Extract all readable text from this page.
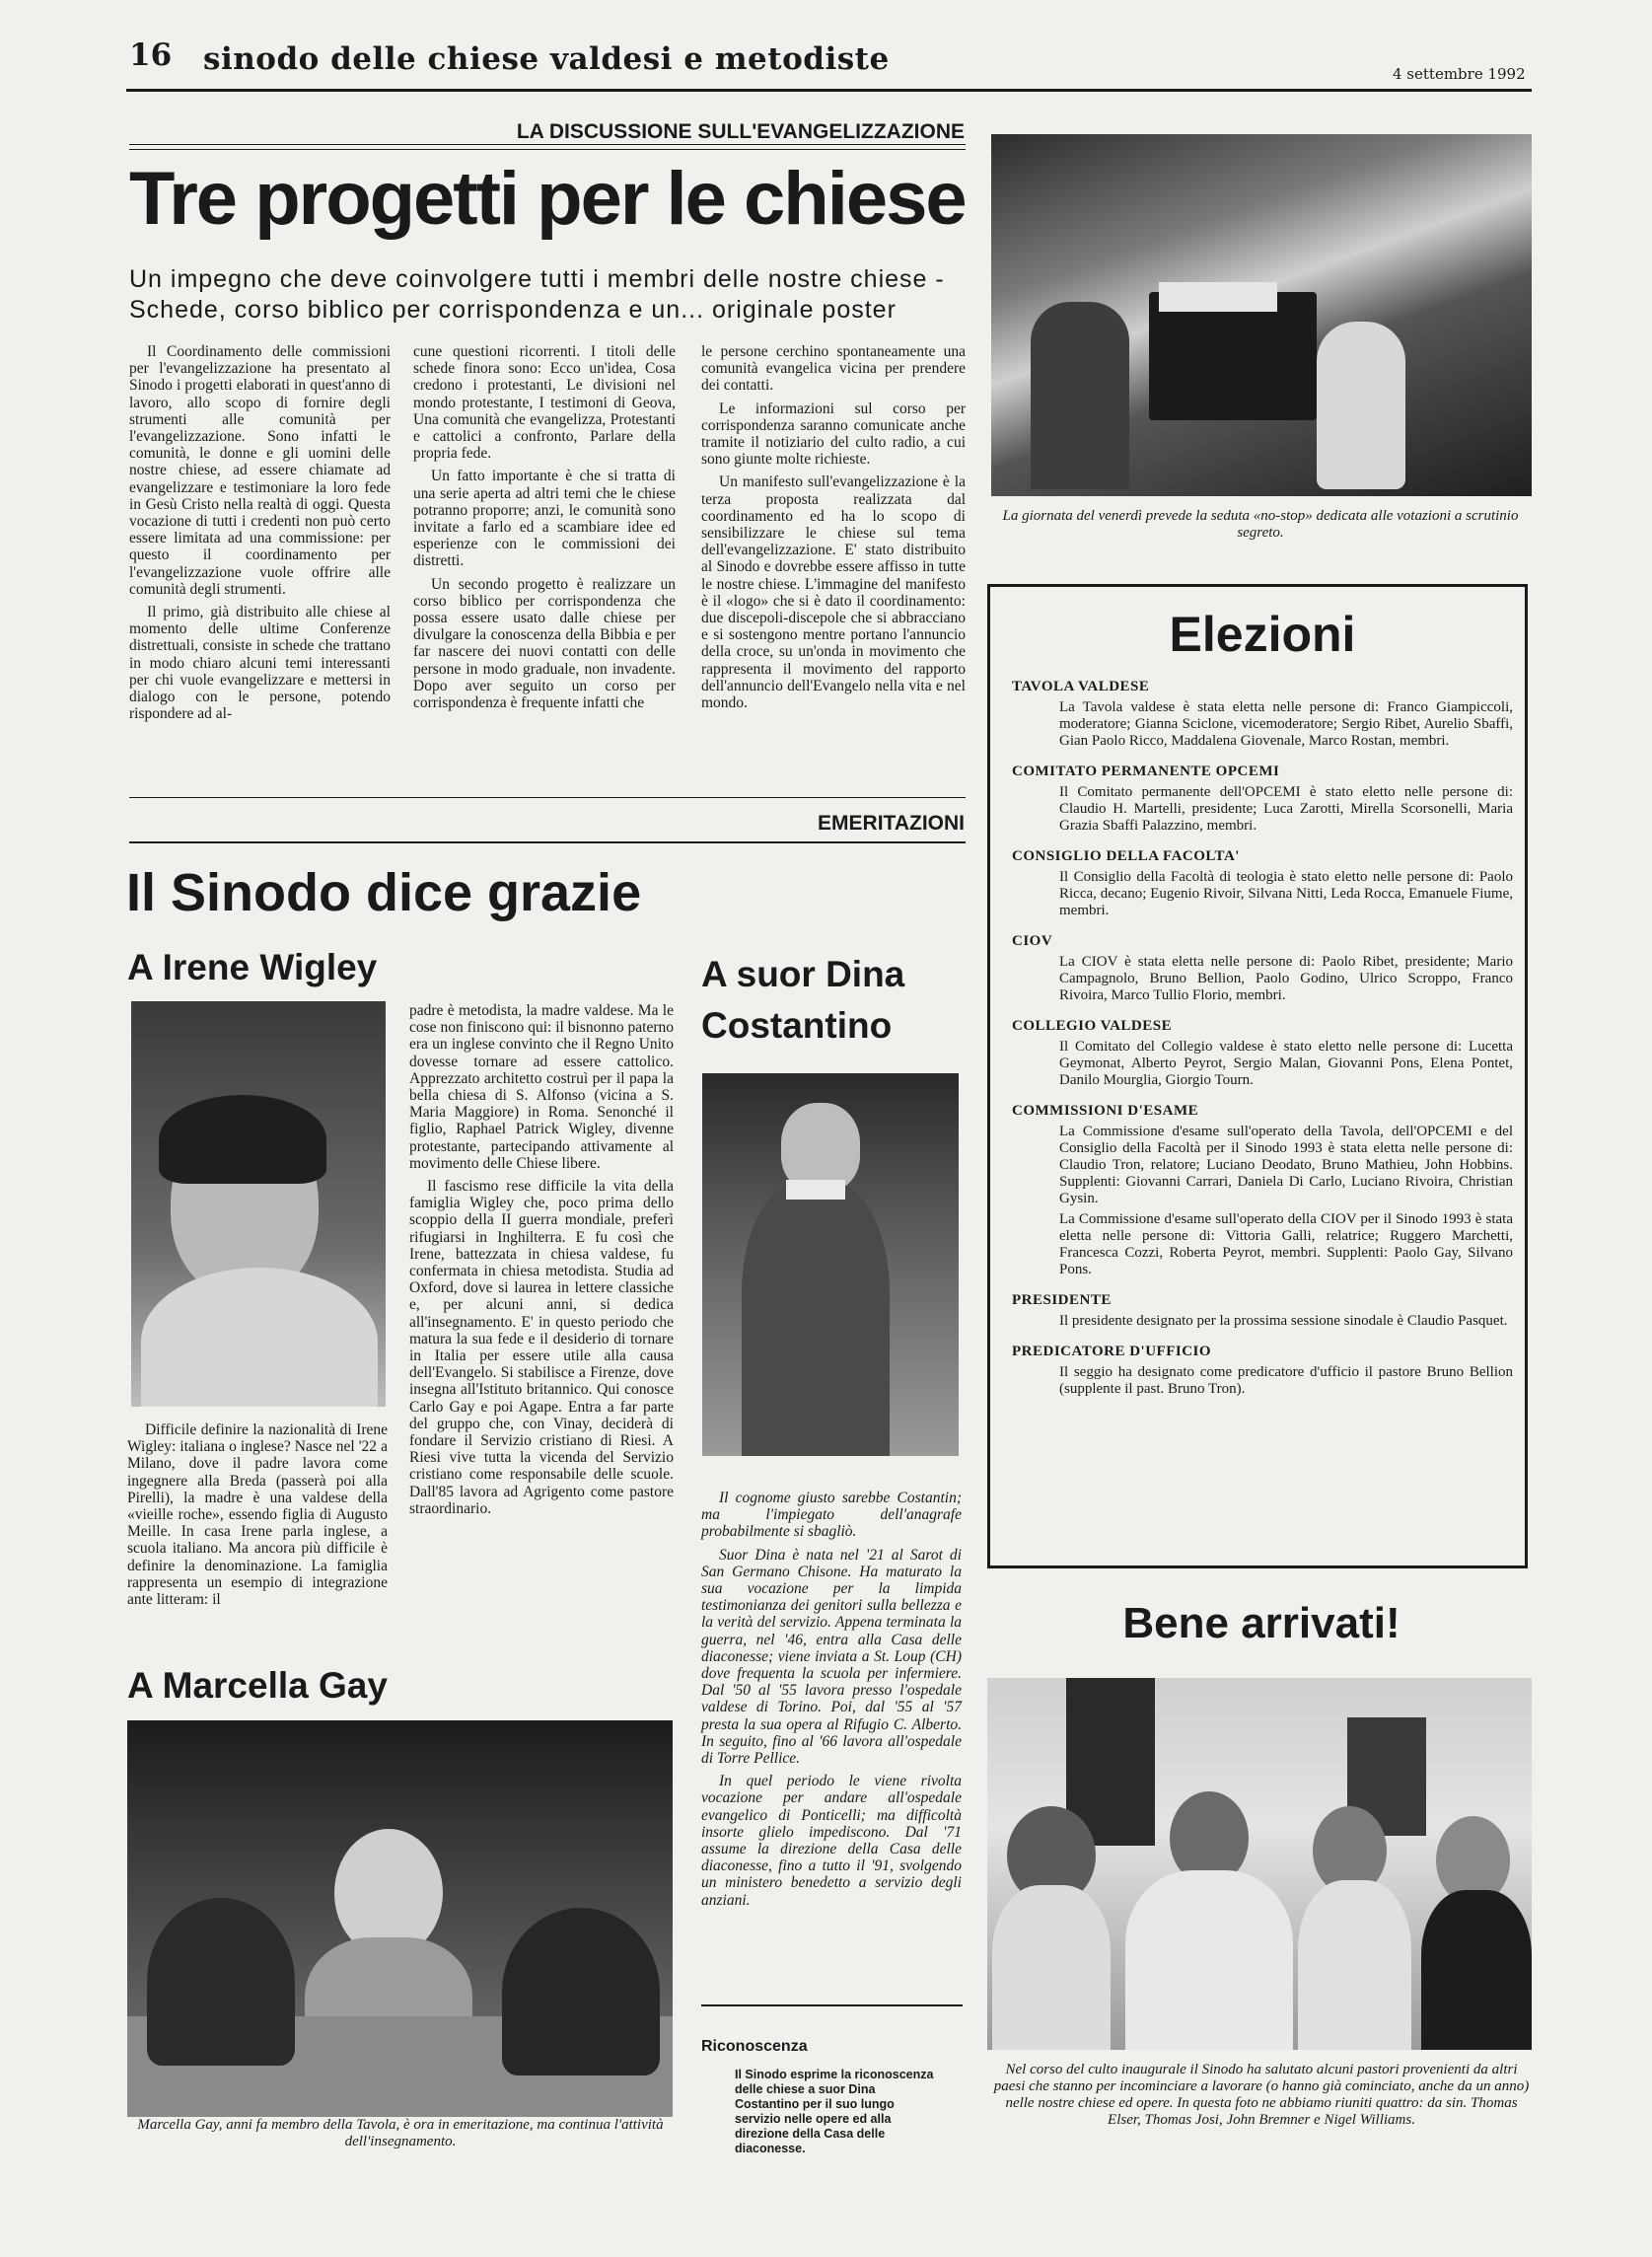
16 sinodo delle chiese valdesi e metodiste	4 settembre 1992
LA DISCUSSIONE SULL'EVANGELIZZAZIONE
Tre progetti per le chiese
Un impegno che deve coinvolgere tutti i membri delle nostre chiese - Schede, corso biblico per corrispondenza e un... originale poster

Il Coordinamento delle commissioni per l'evangelizzazione ha presentato al Sinodo i progetti elaborati in quest'anno di lavoro, allo scopo di fornire degli strumenti alle comunità per l'evangelizzazione. Sono infatti le comunità, le donne e gli uomini delle nostre chiese, ad essere chiamate ad evangelizzare e testimoniare la loro fede in Gesù Cristo nella realtà di oggi. Questa vocazione di tutti i credenti non può certo essere limitata ad una commissione: per questo il coordinamento per l'evangelizzazione vuole offrire alle comunità degli strumenti.

Il primo, già distribuito alle chiese al momento delle ultime Conferenze distrettuali, consiste in schede che trattano in modo chiaro alcuni temi interessanti per chi vuole evangelizzare e mettersi in dialogo con le persone, potendo rispondere ad al-

cune questioni ricorrenti. I titoli delle schede finora sono: Ecco un'idea, Cosa credono i protestanti, Le divisioni nel mondo protestante, I testimoni di Geova, Una comunità che evangelizza, Protestanti e cattolici a confronto, Parlare della propria fede.

Un fatto importante è che si tratta di una serie aperta ad altri temi che le chiese potranno proporre; anzi, le comunità sono invitate a farlo ed a scambiare idee ed esperienze con le commissioni dei distretti.

Un secondo progetto è realizzare un corso biblico per corrispondenza che possa essere usato dalle chiese per divulgare la conoscenza della Bibbia e per far nascere dei nuovi contatti con delle persone in modo graduale, non invadente. Dopo aver seguito un corso per corrispondenza è frequente infatti che

le persone cerchino spontaneamente una comunità evangelica vicina per prendere dei contatti.

Le informazioni sul corso per corrispondenza saranno comunicate anche tramite il notiziario del culto radio, a cui sono giunte molte richieste.

Un manifesto sull'evangelizzazione è la terza proposta realizzata dal coordinamento ed ha lo scopo di sensibilizzare le chiese sul tema dell'evangelizzazione. E' stato distribuito al Sinodo e dovrebbe essere affisso in tutte le nostre chiese. L'immagine del manifesto è il «logo» che si è dato il coordinamento: due discepoli-discepole che si abbracciano e si sostengono mentre portano l'annuncio della croce, su un'onda in movimento che rappresenta il movimento del rapporto dell'annuncio dell'Evangelo nella vita e nel mondo.

La giornata del venerdì prevede la seduta «no-stop» dedicata alle votazioni a scrutinio segreto.
EMERITAZIONI
Il Sinodo dice grazie
A Irene Wigley
Difficile definire la nazionalità di Irene Wigley: italiana o inglese? Nasce nel '22 a Milano, dove il padre lavora come ingegnere alla Breda (passerà poi alla Pirelli), la madre è una valdese della «vieille roche», essendo figlia di Augusto Meille. In casa Irene parla inglese, a scuola italiano. Ma ancora più difficile è definire la denominazione. La famiglia rappresenta un esempio di integrazione ante litteram: il

padre è metodista, la madre valdese. Ma le cose non finiscono qui: il bisnonno paterno era un inglese convinto che il Regno Unito dovesse tornare ad essere cattolico. Apprezzato architetto costruì per il papa la bella chiesa di S. Alfonso (vicina a S. Maria Maggiore) in Roma. Senonché il figlio, Raphael Patrick Wigley, divenne protestante, partecipando attivamente al movimento delle Chiese libere.

Il fascismo rese difficile la vita della famiglia Wigley che, poco prima dello scoppio della II guerra mondiale, preferì rifugiarsi in Inghilterra. E fu così che Irene, battezzata in chiesa valdese, fu confermata in chiesa metodista. Studia ad Oxford, dove si laurea in lettere classiche e, per alcuni anni, si dedica all'insegnamento. E' in questo periodo che matura la sua fede e il desiderio di tornare in Italia per essere utile alla causa dell'Evangelo. Si stabilisce a Firenze, dove insegna all'Istituto britannico. Qui conosce Carlo Gay e poi Agape. Entra a far parte del gruppo che, con Vinay, deciderà di fondare il Servizio cristiano di Riesi. A Riesi vive tutta la vicenda del Servizio cristiano come responsabile delle scuole. Dall'85 lavora ad Agrigento come pastore straordinario.

A Marcella Gay
Marcella Gay, anni fa membro della Tavola, è ora in emeritazione, ma continua l'attività dell'insegnamento.
A suor Dina Costantino

Il cognome giusto sarebbe Costantin; ma l'impiegato dell'anagrafe probabilmente si sbagliò.

Suor Dina è nata nel '21 al Sarot di San Germano Chisone. Ha maturato la sua vocazione per la limpida testimonianza dei genitori sulla bellezza e la verità del servizio. Appena terminata la guerra, nel '46, entra alla Casa delle diaconesse; viene inviata a St. Loup (CH) dove frequenta la scuola per infermiere. Dal '50 al '55 lavora presso l'ospedale valdese di Torino. Poi, dal '55 al '57 presta la sua opera al Rifugio C. Alberto. In seguito, fino al '66 lavora all'ospedale di Torre Pellice.

In quel periodo le viene rivolta vocazione per andare all'ospedale evangelico di Ponticelli; ma difficoltà insorte glielo impediscono. Dal '71 assume la direzione della Casa delle diaconesse, fino a tutto il '91, svolgendo un ministero benedetto a servizio degli anziani.

Riconoscenza
Il Sinodo esprime la riconoscenza delle chiese a suor Dina Costantino per il suo lungo servizio nelle opere ed alla direzione della Casa delle diaconesse.
Elezioni
TAVOLA VALDESE
La Tavola valdese è stata eletta nelle persone di: Franco Giampiccoli, moderatore; Gianna Sciclone, vicemoderatore; Sergio Ribet, Aurelio Sbaffi, Gian Paolo Ricco, Maddalena Giovenale, Marco Rostan, membri.
COMITATO PERMANENTE OPCEMI
Il Comitato permanente dell'OPCEMI è stato eletto nelle persone di: Claudio H. Martelli, presidente; Luca Zarotti, Mirella Scorsonelli, Maria Grazia Sbaffi Palazzino, membri.
CONSIGLIO DELLA FACOLTA'
Il Consiglio della Facoltà di teologia è stato eletto nelle persone di: Paolo Ricca, decano; Eugenio Rivoir, Silvana Nitti, Leda Rocca, Emanuele Fiume, membri.
CIOV
La CIOV è stata eletta nelle persone di: Paolo Ribet, presidente; Mario Campagnolo, Bruno Bellion, Paolo Godino, Ulrico Scroppo, Franco Rivoira, Marco Tullio Florio, membri.
COLLEGIO VALDESE
Il Comitato del Collegio valdese è stato eletto nelle persone di: Lucetta Geymonat, Alberto Peyrot, Sergio Malan, Giovanni Pons, Elena Pontet, Danilo Mourglia, Giorgio Tourn.
COMMISSIONI D'ESAME
La Commissione d'esame sull'operato della Tavola, dell'OPCEMI e del Consiglio della Facoltà per il Sinodo 1993 è stata eletta nelle persone di: Claudio Tron, relatore; Luciano Deodato, Bruno Mathieu, John Hobbins. Supplenti: Giovanni Carrari, Daniela Di Carlo, Luciano Rivoira, Christian Gysin.
La Commissione d'esame sull'operato della CIOV per il Sinodo 1993 è stata eletta nelle persone di: Vittoria Galli, relatrice; Ruggero Marchetti, Francesca Cozzi, Roberta Peyrot, membri. Supplenti: Paolo Gay, Silvano Pons.
PRESIDENTE
Il presidente designato per la prossima sessione sinodale è Claudio Pasquet.
PREDICATORE D'UFFICIO
Il seggio ha designato come predicatore d'ufficio il pastore Bruno Bellion (supplente il past. Bruno Tron).
Bene arrivati!
Nel corso del culto inaugurale il Sinodo ha salutato alcuni pastori provenienti da altri paesi che stanno per incominciare a lavorare (o hanno già cominciato, anche da un anno) nelle nostre chiese ed opere. In questa foto ne abbiamo riuniti quattro: da sin. Thomas Elser, Thomas Josi, John Bremner e Nigel Williams.
